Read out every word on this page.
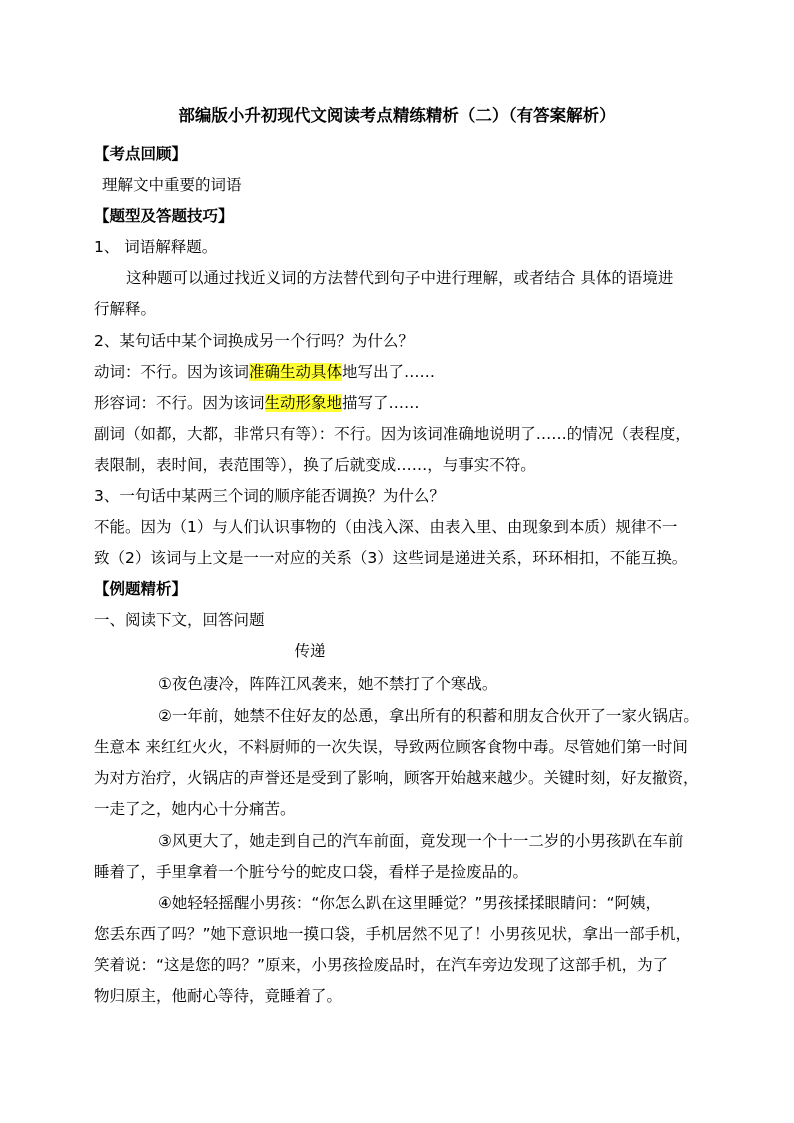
部编版小升初现代文阅读考点精练精析（二）（有答案解析）
【考点回顾】
理解文中重要的词语
【题型及答题技巧】
1、 词语解释题。
这种题可以通过找近义词的方法替代到句子中进行理解，或者结合 具体的语境进
行解释。
2、某句话中某个词换成另一个行吗？为什么？
动词：不行。因为该词准确生动具体地写出了……
形容词：不行。因为该词生动形象地描写了……
副词（如都，大都，非常只有等）：不行。因为该词准确地说明了……的情况（表程度，
表限制，表时间，表范围等），换了后就变成……，与事实不符。
3、一句话中某两三个词的顺序能否调换？为什么？
不能。因为（1）与人们认识事物的（由浅入深、由表入里、由现象到本质）规律不一
致（2）该词与上文是一一对应的关系（3）这些词是递进关系，环环相扣，不能互换。
【例题精析】
一、阅读下文，回答问题
传递
①夜色凄冷，阵阵江风袭来，她不禁打了个寒战。
②一年前，她禁不住好友的怂恿，拿出所有的积蓄和朋友合伙开了一家火锅店。
生意本 来红红火火，不料厨师的一次失误，导致两位顾客食物中毒。尽管她们第一时间
为对方治疗，火锅店的声誉还是受到了影响，顾客开始越来越少。关键时刻，好友撤资，
一走了之，她内心十分痛苦。
③风更大了，她走到自己的汽车前面，竟发现一个十一二岁的小男孩趴在车前
睡着了，手里拿着一个脏兮兮的蛇皮口袋，看样子是捡废品的。
④她轻轻摇醒小男孩：“你怎么趴在这里睡觉？”男孩揉揉眼睛问：“阿姨，
您丢东西了吗？”她下意识地一摸口袋，手机居然不见了！小男孩见状，拿出一部手机，
笑着说：“这是您的吗？”原来，小男孩捡废品时，在汽车旁边发现了这部手机，为了
物归原主，他耐心等待，竟睡着了。
